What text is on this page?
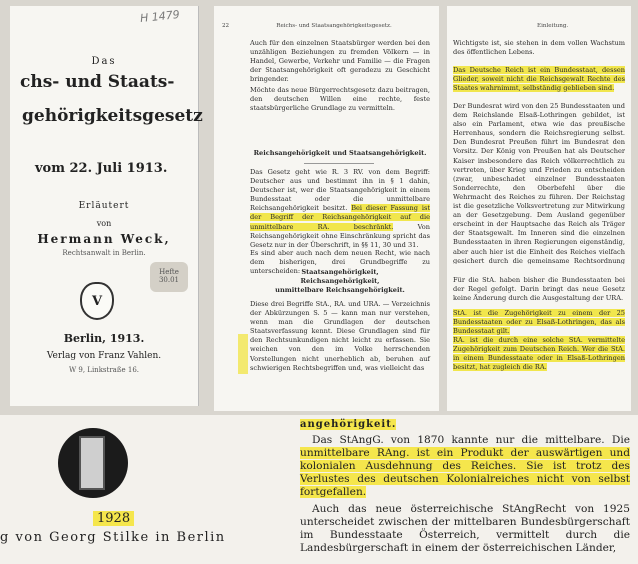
H 1479
Das
chs- und Staats-
gehörigkeitsgesetz
vom 22. Juli 1913.
Erläutert
von
Hermann Weck,
Rechtsanwalt in Berlin.
Berlin, 1913.
Verlag von Franz Vahlen.
W 9, Linkstraße 16.
V
Hefte 30.01
22	Reichs- und Staatsangehörigkeitsgesetz.
Auch für den einzelnen Staatsbürger werden bei den unzähligen Beziehungen zu fremden Völkern — in Handel, Gewerbe, Verkehr und Familie — die Fragen der Staatsangehörigkeit oft geradezu zu Geschicht bringender.
Möchte das neue Bürgerrechtsgesetz dazu beitragen, den deutschen Willen eine rechte, feste staatsbürgerliche Grundlage zu vermitteln.
Reichsangehörigkeit und Staatsangehörigkeit.
Das Gesetz geht wie R. 3 RV. von dem Begriff: Deutscher aus und bestimmt ihn in § 1 dahin, Deutscher ist, wer die Staatsangehörigkeit in einem Bundesstaat oder die unmittelbare Reichsangehörigkeit besitzt. Bei dieser Fassung ist der Begriff der Reichsangehörigkeit auf die unmittelbare RA. beschränkt.	Von Reichsangehörigkeit ohne Einschränkung spricht das Gesetz nur in der Überschrift, in §§ 11, 30 und 31.
Es sind aber auch nach dem neuen Recht, wie nach dem bisherigen, drei Grundbegriffe zu unterscheiden: Staatsangehörigkeit,
Reichsangehörigkeit,
unmittelbare Reichsangehörigkeit.
Diese drei Begriffe StA., RA. und URA. — Verzeichnis der Abkürzungen S. 5 — kann man nur verstehen, wenn man die Grundlagen der deutschen Staatsverfassung kennt. Diese Grundlagen sind für den Rechtsunkundigen nicht leicht zu erfassen. Sie weichen von den im Volke herrschenden Vorstellungen nicht unerheblich ab, beruhen auf schwierigen Rechtsbegriffen und, was vielleicht das
Einleitung.
Wichtigste ist, sie stehen in dem vollen Wachstum des öffentlichen Lebens.
Das Deutsche Reich ist ein Bundesstaat, dessen Glieder, soweit nicht die Reichsgewalt Rechte des Staates wahrnimmt, selbständig geblieben sind.
Der Bundesrat wird von den 25 Bundesstaaten und dem Reichslande Elsaß-Lothringen gebildet, ist also ein Parlament, etwa wie das preußische Herrenhaus, sondern die Reichsregierung selbst. Den Bundesrat Preußen führt im Bundesrat den Vorsitz. Der König von Preußen hat als Deutscher Kaiser insbesondere das Reich völkerrechtlich zu vertreten, über Krieg und Frieden zu entscheiden (zwar, unbeschadet einzelner Bundesstaaten Sonderrechte, den Oberbefehl über die Wehrmacht des Reiches zu führen. Der Reichstag ist die gesetzliche Volksvertretung zur Mitwirkung an der Gesetzgebung. Dem Ausland gegenüber erscheint in der Hauptsache das Reich als Träger der Staatsgewalt. Im Inneren sind die einzelnen Bundesstaaten in ihren Regierungen eigenständig, aber auch hier ist die Einheit des Reiches vielfach gesichert durch die gemeinsame Rechtsordnung
Für die StA. haben bisher die Bundesstaaten bei der Regel gefolgt. Darin bringt das neue Gesetz keine Änderung durch die Ausgestaltung der URA.
StA. ist die Zugehörigkeit zu einem der 25 Bundesstaaten oder zu Elsaß-Lothringen, das als Bundesstaat gilt.
RA. ist die durch eine solche StA. vermittelte Zugehörigkeit zum Deutschen Reich. Wer die StA. in einem Bundesstaate oder in Elsaß-Lothringen besitzt, hat zugleich die RA.
1928
g von Georg Stilke in Berlin

angehörigkeit.

Das StAngG. von 1870 kannte nur die mittelbare. Die unmittelbare RAng. ist ein Produkt der auswärtigen und kolonialen Ausdehnung des Reiches. Sie ist trotz des Verlustes des deutschen Kolonialreiches nicht von selbst fortgefallen.

Auch das neue österreichische StAngRecht von 1925 unterscheidet zwischen der mittelbaren Bundesbürgerschaft im Bundesstaate Österreich, vermittelt durch die Landesbürgerschaft in einem der österreichischen Länder,
